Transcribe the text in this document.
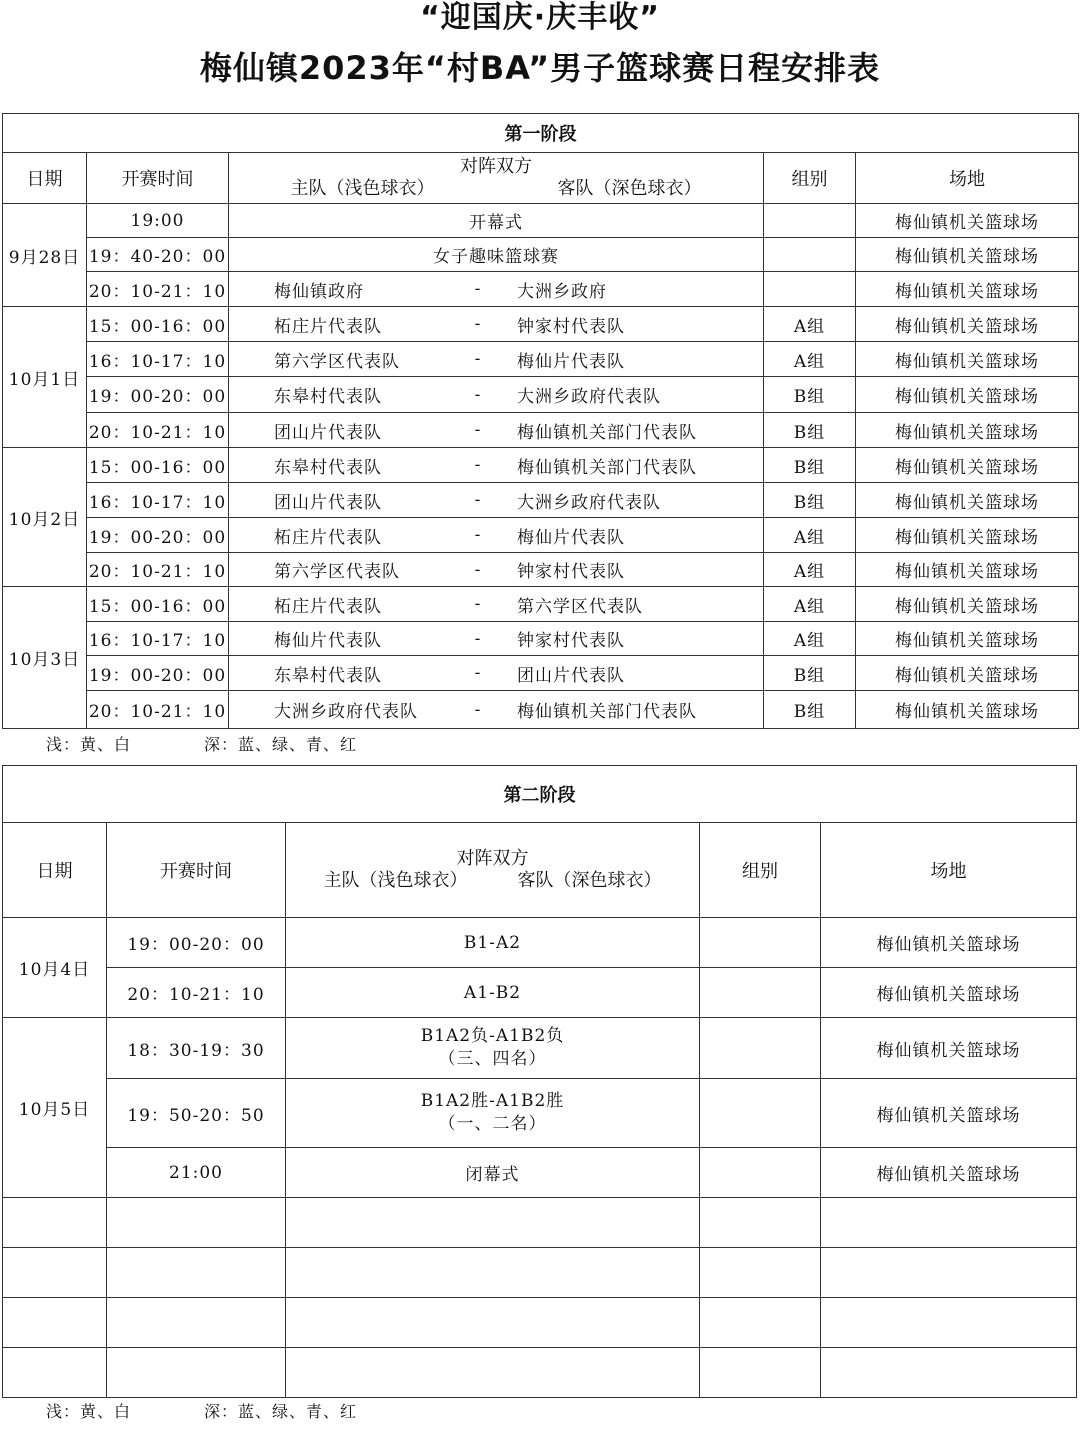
“迎国庆·庆丰收”
梅仙镇2023年“村BA”男子篮球赛日程安排表
第一阶段				
日期	开赛时间	对阵双方
主队（浅色球衣） 客队（深色球衣）	组别	场地
9月28日	19:00	开幕式		梅仙镇机关篮球场
	19：40-20：00	女子趣味篮球赛		梅仙镇机关篮球场
	20：10-21：10	梅仙镇政府 - 大洲乡政府		梅仙镇机关篮球场
10月1日	15：00-16：00	柘庄片代表队 - 钟家村代表队	A组	梅仙镇机关篮球场
	16：10-17：10	第六学区代表队 - 梅仙片代表队	A组	梅仙镇机关篮球场
	19：00-20：00	东皋村代表队 - 大洲乡政府代表队	B组	梅仙镇机关篮球场
	20：10-21：10	团山片代表队 - 梅仙镇机关部门代表队	B组	梅仙镇机关篮球场
10月2日	15：00-16：00	东皋村代表队 - 梅仙镇机关部门代表队	B组	梅仙镇机关篮球场
	16：10-17：10	团山片代表队 - 大洲乡政府代表队	B组	梅仙镇机关篮球场
	19：00-20：00	柘庄片代表队 - 梅仙片代表队	A组	梅仙镇机关篮球场
	20：10-21：10	第六学区代表队 - 钟家村代表队	A组	梅仙镇机关篮球场
10月3日	15：00-16：00	柘庄片代表队 - 第六学区代表队	A组	梅仙镇机关篮球场
	16：10-17：10	梅仙片代表队 - 钟家村代表队	A组	梅仙镇机关篮球场
	19：00-20：00	东皋村代表队 - 团山片代表队	B组	梅仙镇机关篮球场
	20：10-21：10	大洲乡政府代表队 - 梅仙镇机关部门代表队	B组	梅仙镇机关篮球场
浅：黄、白	深：蓝、绿、青、红
第二阶段				
日期	开赛时间	对阵双方
主队（浅色球衣） 客队（深色球衣）	组别	场地
10月4日	19：00-20：00	B1-A2		梅仙镇机关篮球场
	20：10-21：10	A1-B2		梅仙镇机关篮球场
10月5日	18：30-19：30	B1A2负-A1B2负
（三、四名）		梅仙镇机关篮球场
	19：50-20：50	B1A2胜-A1B2胜
（一、二名）		梅仙镇机关篮球场
	21:00	闭幕式		梅仙镇机关篮球场

浅：黄、白	深：蓝、绿、青、红
